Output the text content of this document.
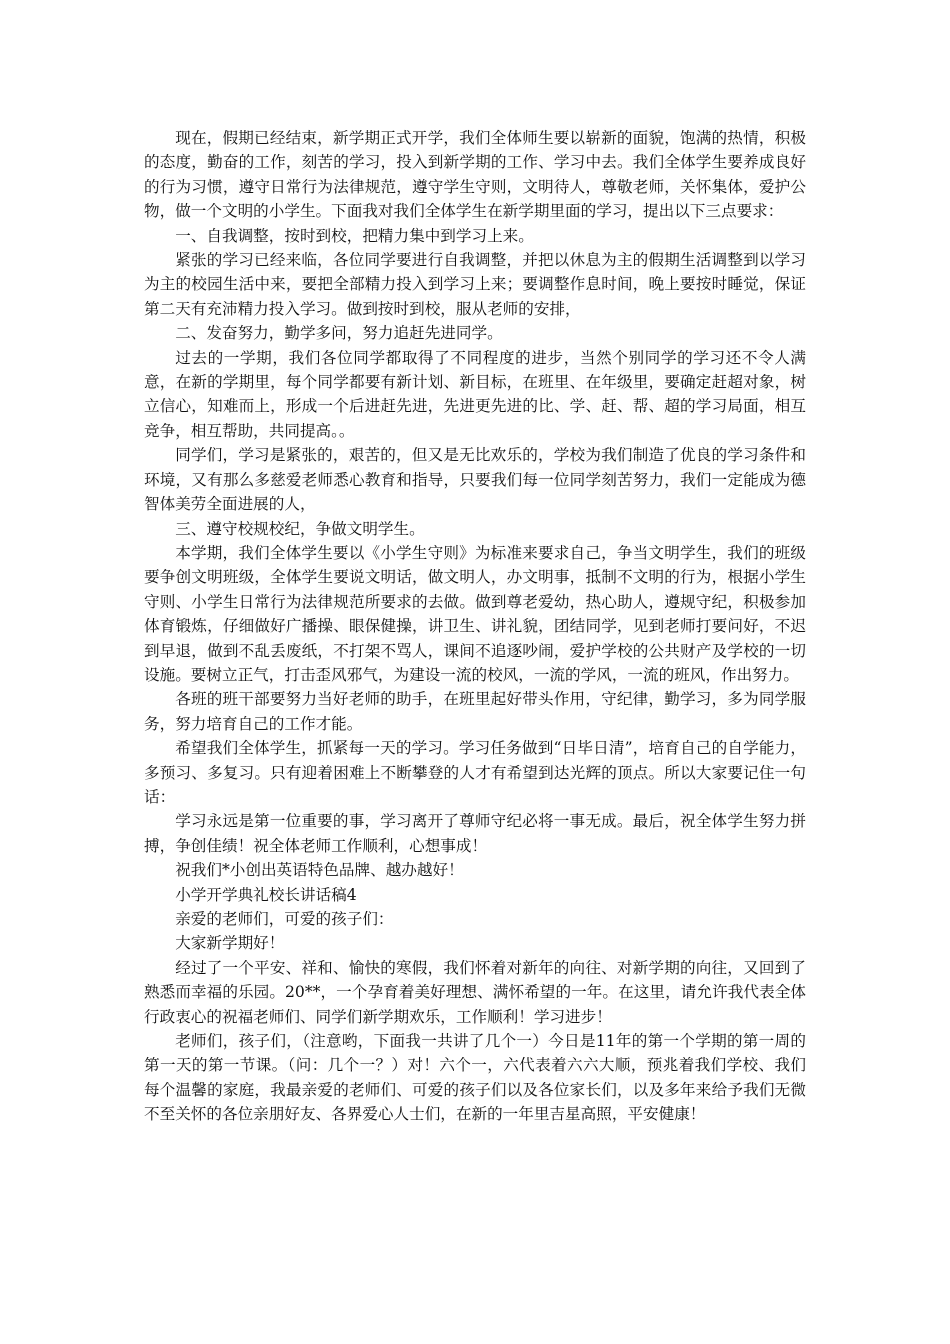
现在，假期已经结束，新学期正式开学，我们全体师生要以崭新的面貌，饱满的热情，积极的态度，勤奋的工作，刻苦的学习，投入到新学期的工作、学习中去。我们全体学生要养成良好的行为习惯，遵守日常行为法律规范，遵守学生守则，文明待人，尊敬老师，关怀集体，爱护公物，做一个文明的小学生。下面我对我们全体学生在新学期里面的学习，提出以下三点要求：

一、自我调整，按时到校，把精力集中到学习上来。

紧张的学习已经来临，各位同学要进行自我调整，并把以休息为主的假期生活调整到以学习为主的校园生活中来，要把全部精力投入到学习上来；要调整作息时间，晚上要按时睡觉，保证第二天有充沛精力投入学习。做到按时到校，服从老师的安排，

二、发奋努力，勤学多问，努力追赶先进同学。

过去的一学期，我们各位同学都取得了不同程度的进步，当然个别同学的学习还不令人满意，在新的学期里，每个同学都要有新计划、新目标，在班里、在年级里，要确定赶超对象，树立信心，知难而上，形成一个后进赶先进，先进更先进的比、学、赶、帮、超的学习局面，相互竞争，相互帮助，共同提高。。

同学们，学习是紧张的，艰苦的，但又是无比欢乐的，学校为我们制造了优良的学习条件和环境，又有那么多慈爱老师悉心教育和指导，只要我们每一位同学刻苦努力，我们一定能成为德智体美劳全面进展的人，

三、遵守校规校纪，争做文明学生。

本学期，我们全体学生要以《小学生守则》为标准来要求自己，争当文明学生，我们的班级要争创文明班级，全体学生要说文明话，做文明人，办文明事，抵制不文明的行为，根据小学生守则、小学生日常行为法律规范所要求的去做。做到尊老爱幼，热心助人，遵规守纪，积极参加体育锻炼，仔细做好广播操、眼保健操，讲卫生、讲礼貌，团结同学，见到老师打要问好，不迟到早退，做到不乱丢废纸，不打架不骂人，课间不追逐吵闹，爱护学校的公共财产及学校的一切设施。要树立正气，打击歪风邪气，为建设一流的校风，一流的学风，一流的班风，作出努力。

各班的班干部要努力当好老师的助手，在班里起好带头作用，守纪律，勤学习，多为同学服务，努力培育自己的工作才能。

希望我们全体学生，抓紧每一天的学习。学习任务做到“日毕日清”，培育自己的自学能力，多预习、多复习。只有迎着困难上不断攀登的人才有希望到达光辉的顶点。所以大家要记住一句话：

学习永远是第一位重要的事，学习离开了尊师守纪必将一事无成。最后，祝全体学生努力拼搏，争创佳绩！祝全体老师工作顺利，心想事成！

祝我们*小创出英语特色品牌、越办越好！

小学开学典礼校长讲话稿4

亲爱的老师们，可爱的孩子们：

大家新学期好！

经过了一个平安、祥和、愉快的寒假，我们怀着对新年的向往、对新学期的向往，又回到了熟悉而幸福的乐园。20**，一个孕育着美好理想、满怀希望的一年。在这里，请允许我代表全体行政衷心的祝福老师们、同学们新学期欢乐，工作顺利！学习进步！

老师们，孩子们，（注意哟，下面我一共讲了几个一）今日是11年的第一个学期的第一周的第一天的第一节课。（问：几个一？）对！六个一，六代表着六六大顺，预兆着我们学校、我们每个温馨的家庭，我最亲爱的老师们、可爱的孩子们以及各位家长们，以及多年来给予我们无微不至关怀的各位亲朋好友、各界爱心人士们，在新的一年里吉星高照，平安健康！
